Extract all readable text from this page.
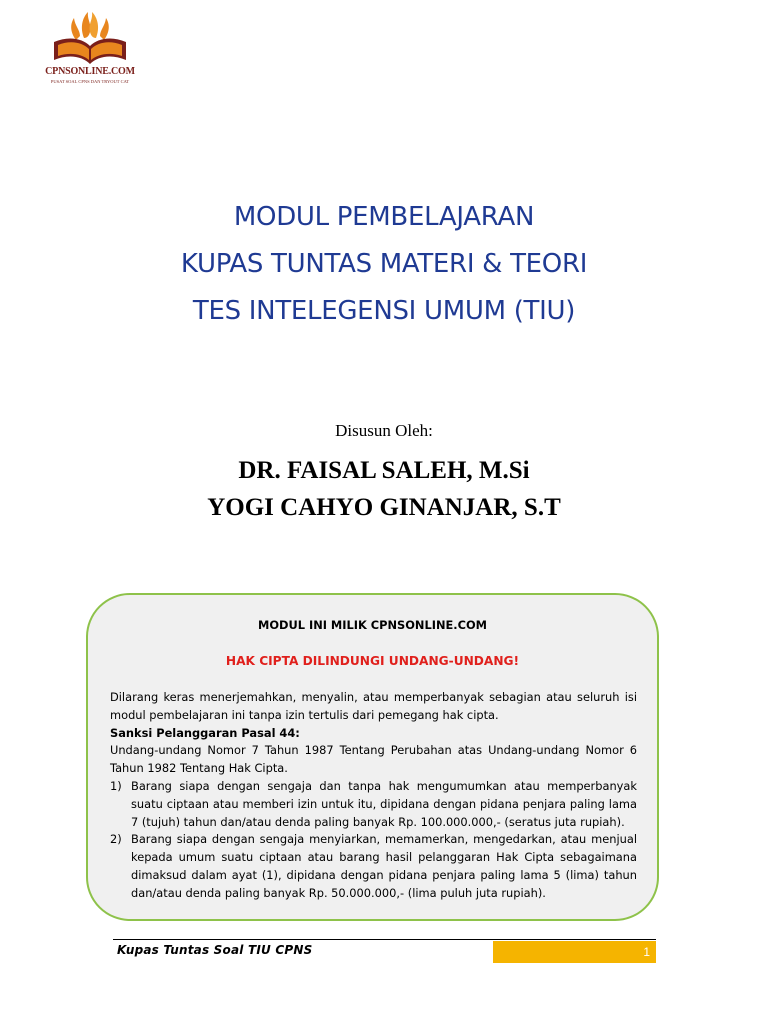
CPNSONLINE.COM
PUSAT SOAL CPNS DAN TRYOUT CAT
MODUL PEMBELAJARAN
KUPAS TUNTAS MATERI & TEORI
TES INTELEGENSI UMUM (TIU)
Disusun Oleh:
DR. FAISAL SALEH, M.Si
YOGI CAHYO GINANJAR, S.T
MODUL INI MILIK CPNSONLINE.COM
HAK CIPTA DILINDUNGI UNDANG-UNDANG!

Dilarang keras menerjemahkan, menyalin, atau memperbanyak sebagian atau seluruh isi modul pembelajaran ini tanpa izin tertulis dari pemegang hak cipta.

Sanksi Pelanggaran Pasal 44:

Undang-undang Nomor 7 Tahun 1987 Tentang Perubahan atas Undang-undang Nomor 6 Tahun 1982 Tentang Hak Cipta.

1) Barang siapa dengan sengaja dan tanpa hak mengumumkan atau memperbanyak suatu ciptaan atau memberi izin untuk itu, dipidana dengan pidana penjara paling lama 7 (tujuh) tahun dan/atau denda paling banyak Rp. 100.000.000,- (seratus juta rupiah).
2) Barang siapa dengan sengaja menyiarkan, memamerkan, mengedarkan, atau menjual kepada umum suatu ciptaan atau barang hasil pelanggaran Hak Cipta sebagaimana dimaksud dalam ayat (1), dipidana dengan pidana penjara paling lama 5 (lima) tahun dan/atau denda paling banyak Rp. 50.000.000,- (lima puluh juta rupiah).
Kupas Tuntas Soal TIU CPNS	1
